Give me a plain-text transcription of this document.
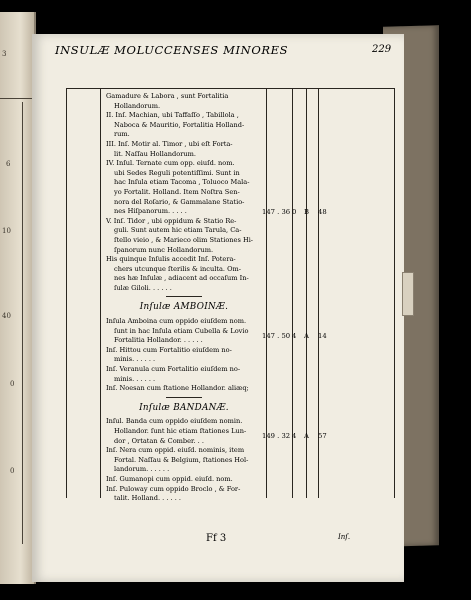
3
6
10
40
0
0
INSULÆ MOLUCCENSES MINORES	229
Gamadure & Labora , sunt Fortalitia
Hollandorum.
II. Inſ. Machian, ubi Taffaſſo , Tabillola ,
Naboca & Mauritio, Fortalitia Holland-
rum.
III. Inſ. Motir al. Timor , ubi eſt Forta-
lit. Naſſau Hollandorum.
IV. Inſul. Ternate cum opp. eiuſd. nom.
ubi Sedes Reguli potentiſſimi. Sunt in
hac Inſula etiam Tacoma , Toluoco Mala-
yo Fortalit. Holland. Item Noſtra Sen-
nora del Roſario, & Gammalane Statio-
nes Hiſpanorum. . . . .
V. Inſ. Tidor , ubi oppidum & Statio Re-
guli. Sunt autem hic etiam Tarula, Ca-
ſtello vieio , & Marieco olim Stationes Hi-
ſpanorum nunc Hollandorum.
His quinque Inſulis accedit Inſ. Potera-
chers utcunque ſterilis & inculta. Om-
nes hæ Inſulæ , adiacent ad occaſum In-
ſulæ Giloli. . . . . .
Inſulæ AMBOINÆ.
Inſula Amboina cum oppido eiuſdem nom.
ſunt in hac Inſula etiam Cubella & Lovio
Fortalitia Hollandor. . . . . .
Inſ. Hittou cum Fortalitio eiuſdem no-
minis. . . . . .
Inſ. Veranula cum Fortalitio eiuſdem no-
minis. . . . . .
Inſ. Noesan cum ſtatione Hollandor. aliæq;
Inſulæ BANDANÆ.
Inſul. Banda cum oppido eiuſdem nomin.
Hollandor. ſunt hic etiam ſtationes Lun-
dor , Ortatan & Comber. . .
Inſ. Nera cum oppid. eiuſd. nominis, item
Fortal. Naſſau & Belgium, ſtationes Hol-
landorum. . . . . .
Inſ. Gumanopi cum oppid. eiuſd. nom.
Inſ. Puloway cum oppido Broclo , & For-
talit. Holland. . . . . .
147 . 36 0 B 48
147 . 50 4 A 14
149 . 32 4 A 57
Ff 3	Inſ.
